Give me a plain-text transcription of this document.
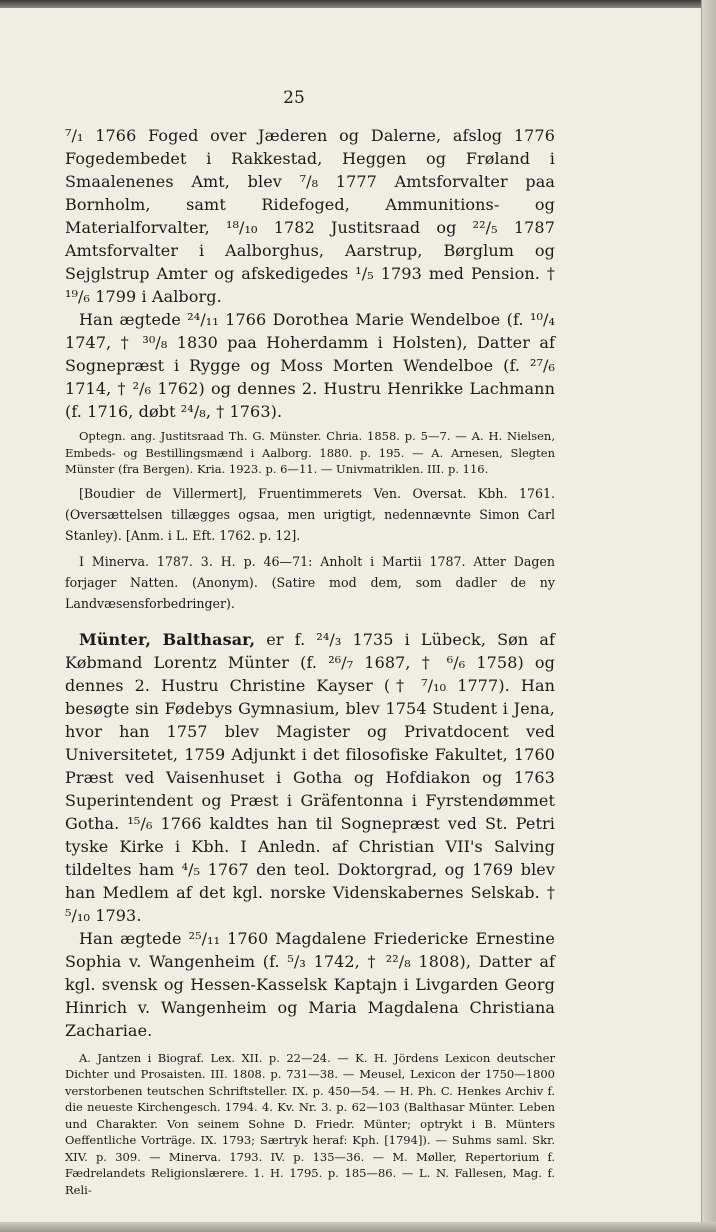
25

⁷/₁ 1766 Foged over Jæderen og Dalerne, afslog 1776 Fogedembedet i Rakkestad, Heggen og Frøland i Smaalenenes Amt, blev ⁷/₈ 1777 Amtsforvalter paa Bornholm, samt Ridefoged, Ammunitions- og Materialforvalter, ¹⁸/₁₀ 1782 Justitsraad og ²²/₅ 1787 Amtsforvalter i Aalborghus, Aarstrup, Børglum og Sejglstrup Amter og afskedigedes ¹/₅ 1793 med Pension. † ¹⁹/₆ 1799 i Aalborg.

Han ægtede ²⁴/₁₁ 1766 Dorothea Marie Wendelboe (f. ¹⁰/₄ 1747, † ³⁰/₈ 1830 paa Hoherdamm i Holsten), Datter af Sognepræst i Rygge og Moss Morten Wendelboe (f. ²⁷/₆ 1714, † ²/₆ 1762) og dennes 2. Hustru Henrikke Lachmann (f. 1716, døbt ²⁴/₈, † 1763).

Optegn. ang. Justitsraad Th. G. Münster. Chria. 1858. p. 5—7. — A. H. Nielsen, Embeds- og Bestillingsmænd i Aalborg. 1880. p. 195. — A. Arnesen, Slegten Münster (fra Bergen). Kria. 1923. p. 6—11. — Univmatriklen. III. p. 116.

[Boudier de Villermert], Fruentimmerets Ven. Oversat. Kbh. 1761. (Oversættelsen tillægges ogsaa, men urigtigt, nedennævnte Simon Carl Stanley). [Anm. i L. Eft. 1762. p. 12].

I Minerva. 1787. 3. H. p. 46—71: Anholt i Martii 1787. Atter Dagen forjager Natten. (Anonym). (Satire mod dem, som dadler de ny Landvæsensforbedringer).

Münter, Balthasar, er f. ²⁴/₃ 1735 i Lübeck, Søn af Købmand Lorentz Münter (f. ²⁶/₇ 1687, † ⁶/₆ 1758) og dennes 2. Hustru Christine Kayser († ⁷/₁₀ 1777). Han besøgte sin Fødebys Gymnasium, blev 1754 Student i Jena, hvor han 1757 blev Magister og Privatdocent ved Universitetet, 1759 Adjunkt i det filosofiske Fakultet, 1760 Præst ved Vaisenhuset i Gotha og Hofdiakon og 1763 Superintendent og Præst i Gräfentonna i Fyrstendømmet Gotha. ¹⁵/₆ 1766 kaldtes han til Sognepræst ved St. Petri tyske Kirke i Kbh. I Anledn. af Christian VII's Salving tildeltes ham ⁴/₅ 1767 den teol. Doktorgrad, og 1769 blev han Medlem af det kgl. norske Videnskabernes Selskab. † ⁵/₁₀ 1793.

Han ægtede ²⁵/₁₁ 1760 Magdalene Friedericke Ernestine Sophia v. Wangenheim (f. ⁵/₃ 1742, † ²²/₈ 1808), Datter af kgl. svensk og Hessen-Kasselsk Kaptajn i Livgarden Georg Hinrich v. Wangenheim og Maria Magdalena Christiana Zachariae.

A. Jantzen i Biograf. Lex. XII. p. 22—24. — K. H. Jördens Lexicon deutscher Dichter und Prosaisten. III. 1808. p. 731—38. — Meusel, Lexicon der 1750—1800 verstorbenen teutschen Schriftsteller. IX. p. 450—54. — H. Ph. C. Henkes Archiv f. die neueste Kirchengesch. 1794. 4. Kv. Nr. 3. p. 62—103 (Balthasar Münter. Leben und Charakter. Von seinem Sohne D. Friedr. Münter; optrykt i B. Münters Oeffentliche Vorträge. IX. 1793; Særtryk heraf: Kph. [1794]). — Suhms saml. Skr. XIV. p. 309. — Minerva. 1793. IV. p. 135—36. — M. Møller, Repertorium f. Fædrelandets Religionslærere. 1. H. 1795. p. 185—86. — L. N. Fallesen, Mag. f. Reli-
